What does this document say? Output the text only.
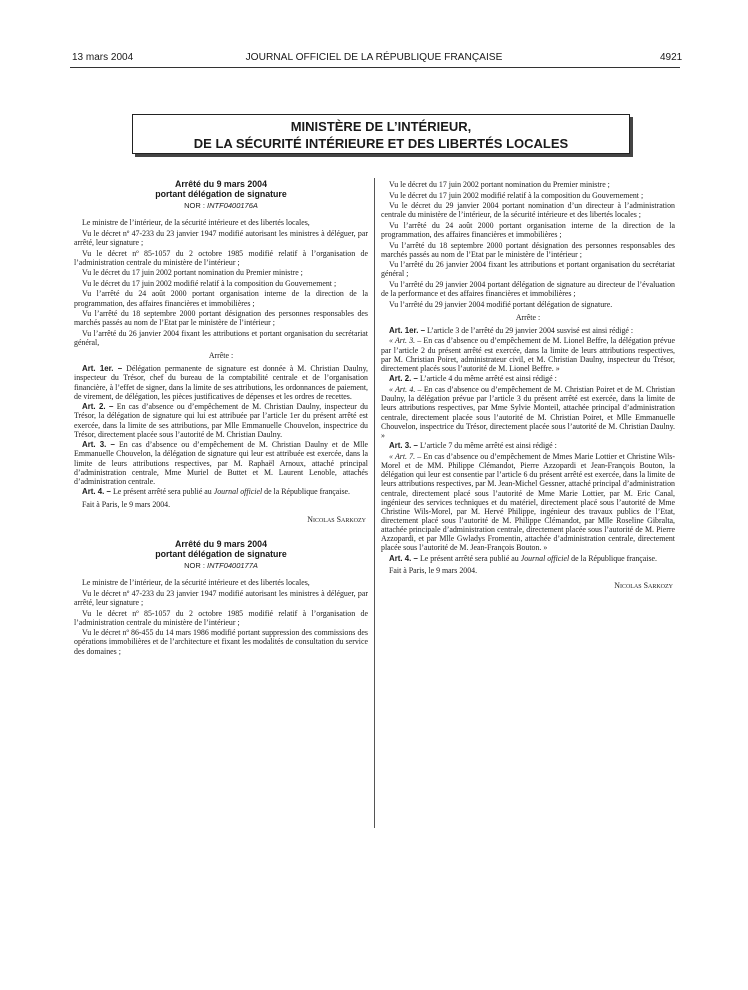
JOURNAL OFFICIEL DE LA RÉPUBLIQUE FRANÇAISE
13 mars 2004	4921
MINISTÈRE DE L’INTÉRIEUR,
DE LA SÉCURITÉ INTÉRIEURE ET DES LIBERTÉS LOCALES

Arrêté du 9 mars 2004

portant délégation de signature

NOR : INTF0400176A

Le ministre de l’intérieur, de la sécurité intérieure et des libertés locales,

Vu le décret nº 47-233 du 23 janvier 1947 modifié autorisant les ministres à déléguer, par arrêté, leur signature ;

Vu le décret nº 85-1057 du 2 octobre 1985 modifié relatif à l’organisation de l’administration centrale du ministère de l’intérieur ;

Vu le décret du 17 juin 2002 portant nomination du Premier ministre ;

Vu le décret du 17 juin 2002 modifié relatif à la composition du Gouvernement ;

Vu l’arrêté du 24 août 2000 portant organisation interne de la direction de la programmation, des affaires financières et immobilières ;

Vu l’arrêté du 18 septembre 2000 portant désignation des personnes responsables des marchés passés au nom de l’Etat par le ministère de l’intérieur ;

Vu l’arrêté du 26 janvier 2004 fixant les attributions et portant organisation du secrétariat général,

Arrête :

Art. 1er. – Délégation permanente de signature est donnée à M. Christian Daulny, inspecteur du Trésor, chef du bureau de la comptabilité centrale et de l’organisation financière, à l’effet de signer, dans la limite de ses attributions, les ordonnances de paiement, de virement, de délégation, les pièces justificatives de dépenses et les ordres de recettes.

Art. 2. – En cas d’absence ou d’empêchement de M. Christian Daulny, inspecteur du Trésor, la délégation de signature qui lui est attribuée par l’article 1er du présent arrêté est exercée, dans la limite de ses attributions, par Mlle Emmanuelle Chouvelon, inspectrice du Trésor, directement placée sous l’autorité de M. Christian Daulny.

Art. 3. – En cas d’absence ou d’empêchement de M. Christian Daulny et de Mlle Emmanuelle Chouvelon, la délégation de signature qui leur est attribuée est exercée, dans la limite de leurs attributions respectives, par M. Raphaël Arnoux, attaché principal d’administration centrale, Mme Muriel de Buttet et M. Laurent Lenoble, attachés d’administration centrale.

Art. 4. – Le présent arrêté sera publié au Journal officiel de la République française.

Fait à Paris, le 9 mars 2004.

Nicolas Sarkozy

Arrêté du 9 mars 2004

portant délégation de signature

NOR : INTF0400177A

Le ministre de l’intérieur, de la sécurité intérieure et des libertés locales,

Vu le décret nº 47-233 du 23 janvier 1947 modifié autorisant les ministres à déléguer, par arrêté, leur signature ;

Vu le décret nº 85-1057 du 2 octobre 1985 modifié relatif à l’organisation de l’administration centrale du ministère de l’intérieur ;

Vu le décret nº 86-455 du 14 mars 1986 modifié portant suppression des commissions des opérations immobilières et de l’architecture et fixant les modalités de consultation du service des domaines ;

Vu le décret du 17 juin 2002 portant nomination du Premier ministre ;

Vu le décret du 17 juin 2002 modifié relatif à la composition du Gouvernement ;

Vu le décret du 29 janvier 2004 portant nomination d’un directeur à l’administration centrale du ministère de l’intérieur, de la sécurité intérieure et des libertés locales ;

Vu l’arrêté du 24 août 2000 portant organisation interne de la direction de la programmation, des affaires financières et immobilières ;

Vu l’arrêté du 18 septembre 2000 portant désignation des personnes responsables des marchés passés au nom de l’Etat par le ministère de l’intérieur ;

Vu l’arrêté du 26 janvier 2004 fixant les attributions et portant organisation du secrétariat général ;

Vu l’arrêté du 29 janvier 2004 portant délégation de signature au directeur de l’évaluation de la performance et des affaires financières et immobilières ;

Vu l’arrêté du 29 janvier 2004 modifié portant délégation de signature.

Arrête :

Art. 1er. – L’article 3 de l’arrêté du 29 janvier 2004 susvisé est ainsi rédigé :

« Art. 3. – En cas d’absence ou d’empêchement de M. Lionel Beffre, la délégation prévue par l’article 2 du présent arrêté est exercée, dans la limite de leurs attributions respectives, par M. Christian Poiret, administrateur civil, et M. Christian Daulny, inspecteur du Trésor, directement placés sous l’autorité de M. Lionel Beffre. »

Art. 2. – L’article 4 du même arrêté est ainsi rédigé :

« Art. 4. – En cas d’absence ou d’empêchement de M. Christian Poiret et de M. Christian Daulny, la délégation prévue par l’article 3 du présent arrêté est exercée, dans la limite de leurs attributions respectives, par Mme Sylvie Monteil, attachée principal d’administration centrale, directement placée sous l’autorité de M. Christian Poiret, et Mlle Emmanuelle Chouvelon, inspectrice du Trésor, directement placée sous l’autorité de M. Christian Daulny. »

Art. 3. – L’article 7 du même arrêté est ainsi rédigé :

« Art. 7. – En cas d’absence ou d’empêchement de Mmes Marie Lottier et Christine Wils-Morel et de MM. Philippe Clémandot, Pierre Azzopardi et Jean-François Bouton, la délégation qui leur est consentie par l’article 6 du présent arrêté est exercée, dans la limite de leurs attributions respectives, par M. Jean-Michel Gessner, attaché principal d’administration centrale, directement placé sous l’autorité de Mme Marie Lottier, par M. Eric Canal, ingénieur des services techniques et du matériel, directement placé sous l’autorité de Mme Christine Wils-Morel, par M. Hervé Philippe, ingénieur des travaux publics de l’Etat, directement placé sous l’autorité de M. Philippe Clémandot, par Mlle Roseline Gibralta, attachée principale d’administration centrale, directement placée sous l’autorité de M. Pierre Azzopardi, et par Mlle Gwladys Fromentin, attachée d’administration centrale, directement placée sous l’autorité de M. Jean-François Bouton. »

Art. 4. – Le présent arrêté sera publié au Journal officiel de la République française.

Fait à Paris, le 9 mars 2004.

Nicolas Sarkozy
